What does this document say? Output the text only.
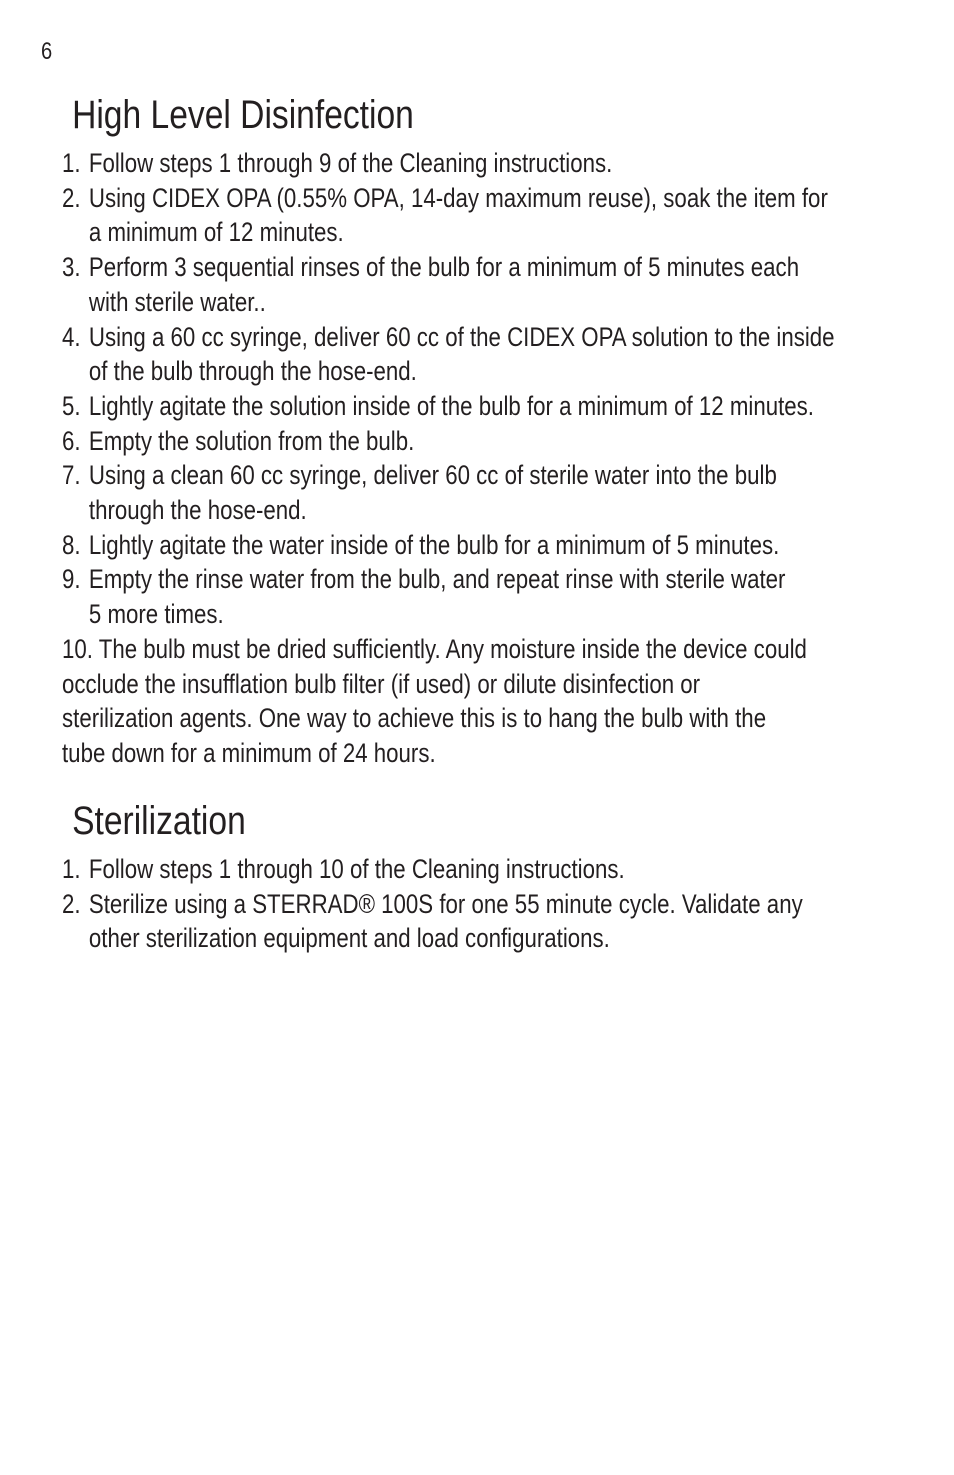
6
High Level Disinfection
1. Follow steps 1 through 9 of the Cleaning instructions.
2. Using CIDEX OPA (0.55% OPA, 14-day maximum reuse), soak the item for
a minimum of 12 minutes.
3. Perform 3 sequential rinses of the bulb for a minimum of 5 minutes each
with sterile water..
4. Using a 60 cc syringe, deliver 60 cc of the CIDEX OPA solution to the inside
of the bulb through the hose-end.
5. Lightly agitate the solution inside of the bulb for a minimum of 12 minutes.
6. Empty the solution from the bulb.
7. Using a clean 60 cc syringe, deliver 60 cc of sterile water into the bulb
through the hose-end.
8. Lightly agitate the water inside of the bulb for a minimum of 5 minutes.
9. Empty the rinse water from the bulb, and repeat rinse with sterile water
5 more times.
10. The bulb must be dried sufficiently. Any moisture inside the device could
occlude the insufflation bulb filter (if used) or dilute disinfection or
sterilization agents. One way to achieve this is to hang the bulb with the
tube down for a minimum of 24 hours.
Sterilization
1. Follow steps 1 through 10 of the Cleaning instructions.
2. Sterilize using a STERRAD® 100S for one 55 minute cycle. Validate any
other sterilization equipment and load configurations.
